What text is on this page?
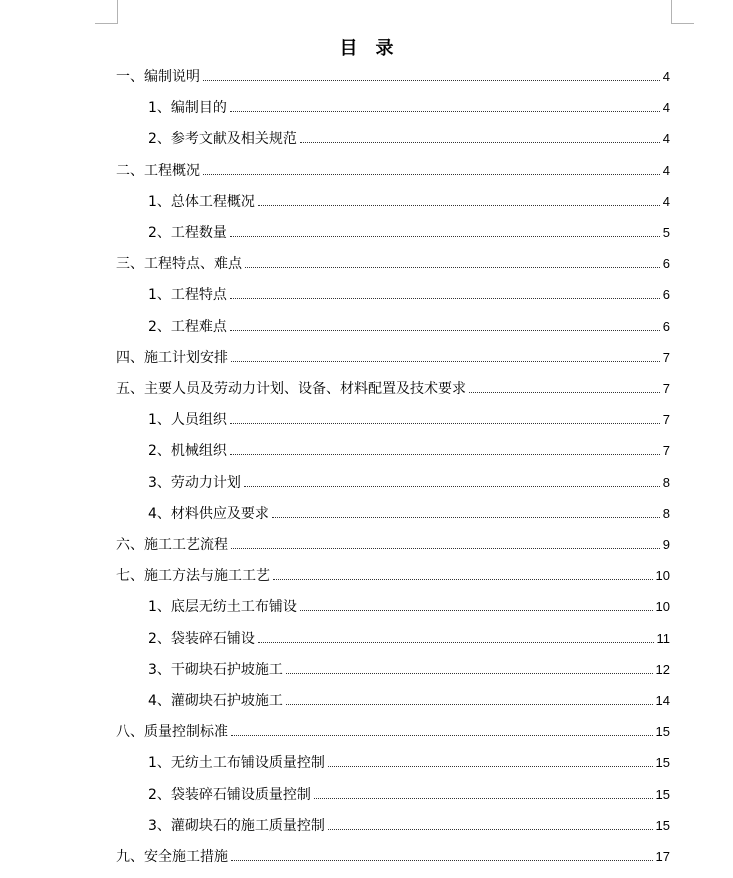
目　录
一、编制说明	4
1、编制目的	4
2、参考文献及相关规范	4
二、工程概况	4
1、总体工程概况	4
2、工程数量	5
三、工程特点、难点	6
1、工程特点	6
2、工程难点	6
四、施工计划安排	7
五、主要人员及劳动力计划、设备、材料配置及技术要求	7
1、人员组织	7
2、机械组织	7
3、劳动力计划	8
4、材料供应及要求	8
六、施工工艺流程	9
七、施工方法与施工工艺	10
1、底层无纺土工布铺设	10
2、袋装碎石铺设	11
3、干砌块石护坡施工	12
4、灌砌块石护坡施工	14
八、质量控制标准	15
1、无纺土工布铺设质量控制	15
2、袋装碎石铺设质量控制	15
3、灌砌块石的施工质量控制	15
九、安全施工措施	17
